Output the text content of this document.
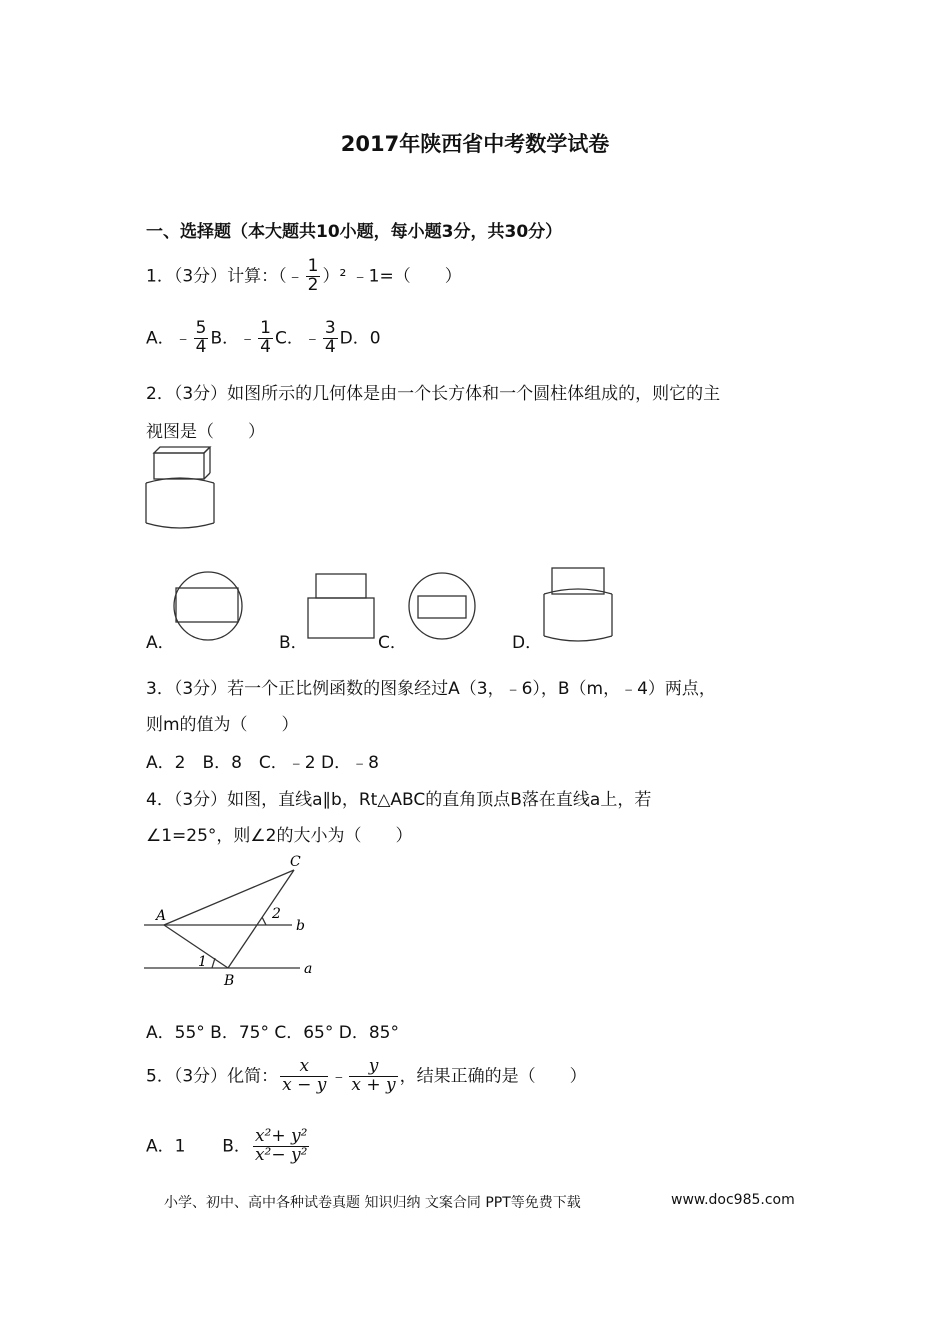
2017年陕西省中考数学试卷
一、选择题（本大题共10小题，每小题3分，共30分）
1．（3分）计算：（﹣ $\frac{1}{2} )^2$ ﹣1=（　　）
A．﹣ $\frac{5}{4}$ B．﹣ $\frac{1}{4}$ C．﹣ $\frac{3}{4}$ D．0
2．（3分）如图所示的几何体是由一个长方体和一个圆柱体组成的，则它的主
视图是（　　）
A．	B．	C．	D．
3．（3分）若一个正比例函数的图象经过A（3，﹣6），B（m，﹣4）两点，
则m的值为（　　）
A．2　B．8　C．﹣2 D．﹣8
4．（3分）如图，直线a∥b，Rt△ABC的直角顶点B落在直线a上，若
∠1=25°，则∠2的大小为（　　）
A
B
C
1
2
b
a
A．55° B．75° C．65° D．85°
5．（3分）化简： $\frac{x}{x - y}$ ﹣ $\frac{y}{x + y}$ ，结果正确的是（　　）
A．1 B． $\frac{\text{x²+ y²}}{\text{x²− y²}}$
小学、初中、高中各种试卷真题 知识归纳 文案合同 PPT等免费下载	www.doc985.com
